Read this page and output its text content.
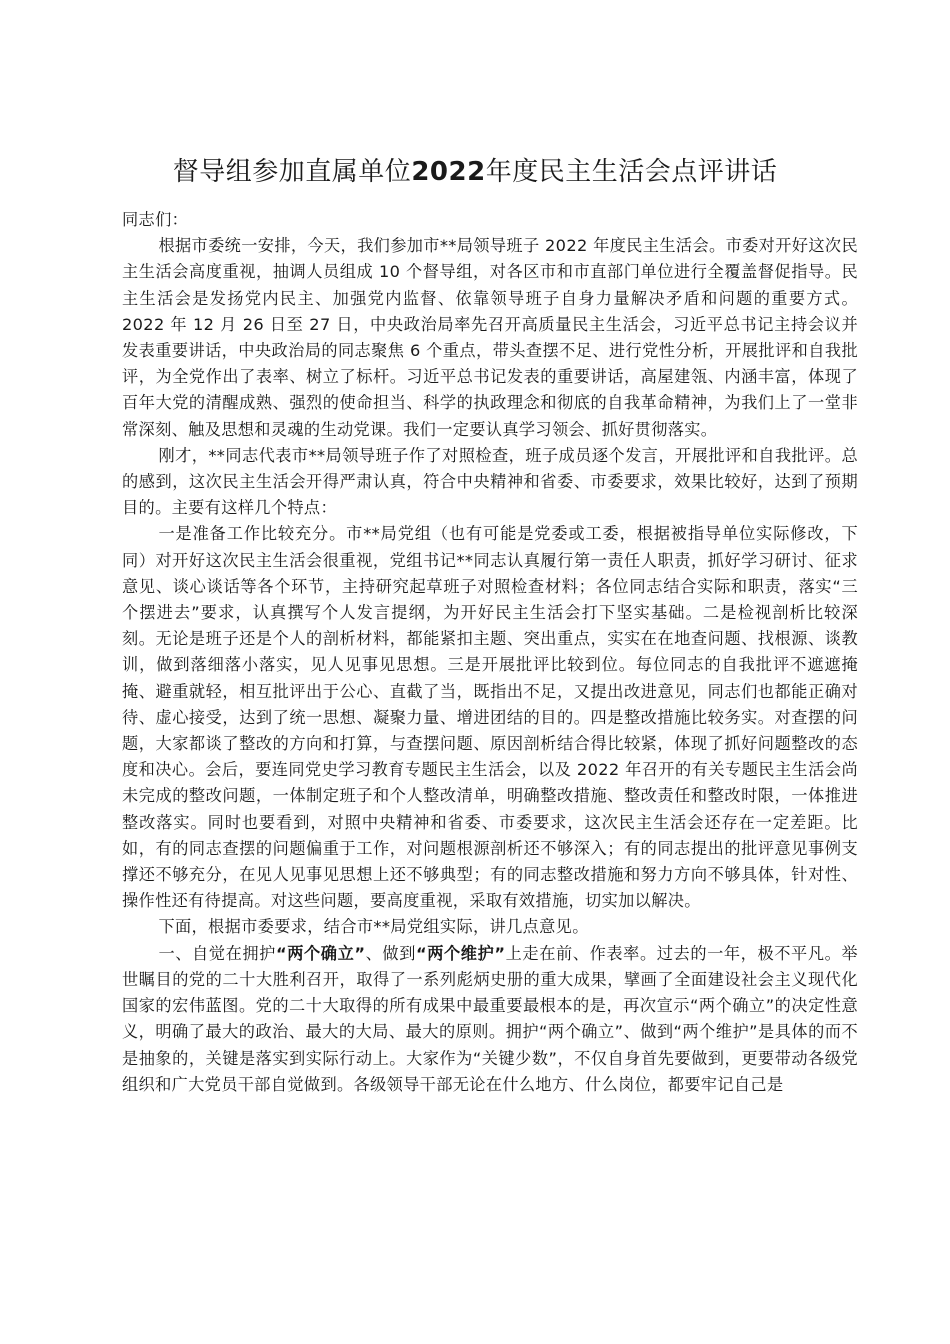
督导组参加直属单位2022年度民主生活会点评讲话

同志们：

根据市委统一安排，今天，我们参加市**局领导班子 2022 年度民主生活会。市委对开好这次民主生活会高度重视，抽调人员组成 10 个督导组，对各区市和市直部门单位进行全覆盖督促指导。民主生活会是发扬党内民主、加强党内监督、依靠领导班子自身力量解决矛盾和问题的重要方式。2022 年 12 月 26 日至 27 日，中央政治局率先召开高质量民主生活会，习近平总书记主持会议并发表重要讲话，中央政治局的同志聚焦 6 个重点，带头查摆不足、进行党性分析，开展批评和自我批评，为全党作出了表率、树立了标杆。习近平总书记发表的重要讲话，高屋建瓴、内涵丰富，体现了百年大党的清醒成熟、强烈的使命担当、科学的执政理念和彻底的自我革命精神，为我们上了一堂非常深刻、触及思想和灵魂的生动党课。我们一定要认真学习领会、抓好贯彻落实。

刚才，**同志代表市**局领导班子作了对照检查，班子成员逐个发言，开展批评和自我批评。总的感到，这次民主生活会开得严肃认真，符合中央精神和省委、市委要求，效果比较好，达到了预期目的。主要有这样几个特点：

一是准备工作比较充分。市**局党组（也有可能是党委或工委，根据被指导单位实际修改，下同）对开好这次民主生活会很重视，党组书记**同志认真履行第一责任人职责，抓好学习研讨、征求意见、谈心谈话等各个环节，主持研究起草班子对照检查材料；各位同志结合实际和职责，落实“三个摆进去”要求，认真撰写个人发言提纲，为开好民主生活会打下坚实基础。二是检视剖析比较深刻。无论是班子还是个人的剖析材料，都能紧扣主题、突出重点，实实在在地查问题、找根源、谈教训，做到落细落小落实，见人见事见思想。三是开展批评比较到位。每位同志的自我批评不遮遮掩掩、避重就轻，相互批评出于公心、直截了当，既指出不足，又提出改进意见，同志们也都能正确对待、虚心接受，达到了统一思想、凝聚力量、增进团结的目的。四是整改措施比较务实。对查摆的问题，大家都谈了整改的方向和打算，与查摆问题、原因剖析结合得比较紧，体现了抓好问题整改的态度和决心。会后，要连同党史学习教育专题民主生活会，以及 2022 年召开的有关专题民主生活会尚未完成的整改问题，一体制定班子和个人整改清单，明确整改措施、整改责任和整改时限，一体推进整改落实。同时也要看到，对照中央精神和省委、市委要求，这次民主生活会还存在一定差距。比如，有的同志查摆的问题偏重于工作，对问题根源剖析还不够深入；有的同志提出的批评意见事例支撑还不够充分，在见人见事见思想上还不够典型；有的同志整改措施和努力方向不够具体，针对性、操作性还有待提高。对这些问题，要高度重视，采取有效措施，切实加以解决。

下面，根据市委要求，结合市**局党组实际，讲几点意见。

一、自觉在拥护“两个确立”、做到“两个维护”上走在前、作表率。过去的一年，极不平凡。举世瞩目的党的二十大胜利召开，取得了一系列彪炳史册的重大成果，擘画了全面建设社会主义现代化国家的宏伟蓝图。党的二十大取得的所有成果中最重要最根本的是，再次宣示“两个确立”的决定性意义，明确了最大的政治、最大的大局、最大的原则。拥护“两个确立”、做到“两个维护”是具体的而不是抽象的，关键是落实到实际行动上。大家作为“关键少数”，不仅自身首先要做到，更要带动各级党组织和广大党员干部自觉做到。各级领导干部无论在什么地方、什么岗位，都要牢记自己是
